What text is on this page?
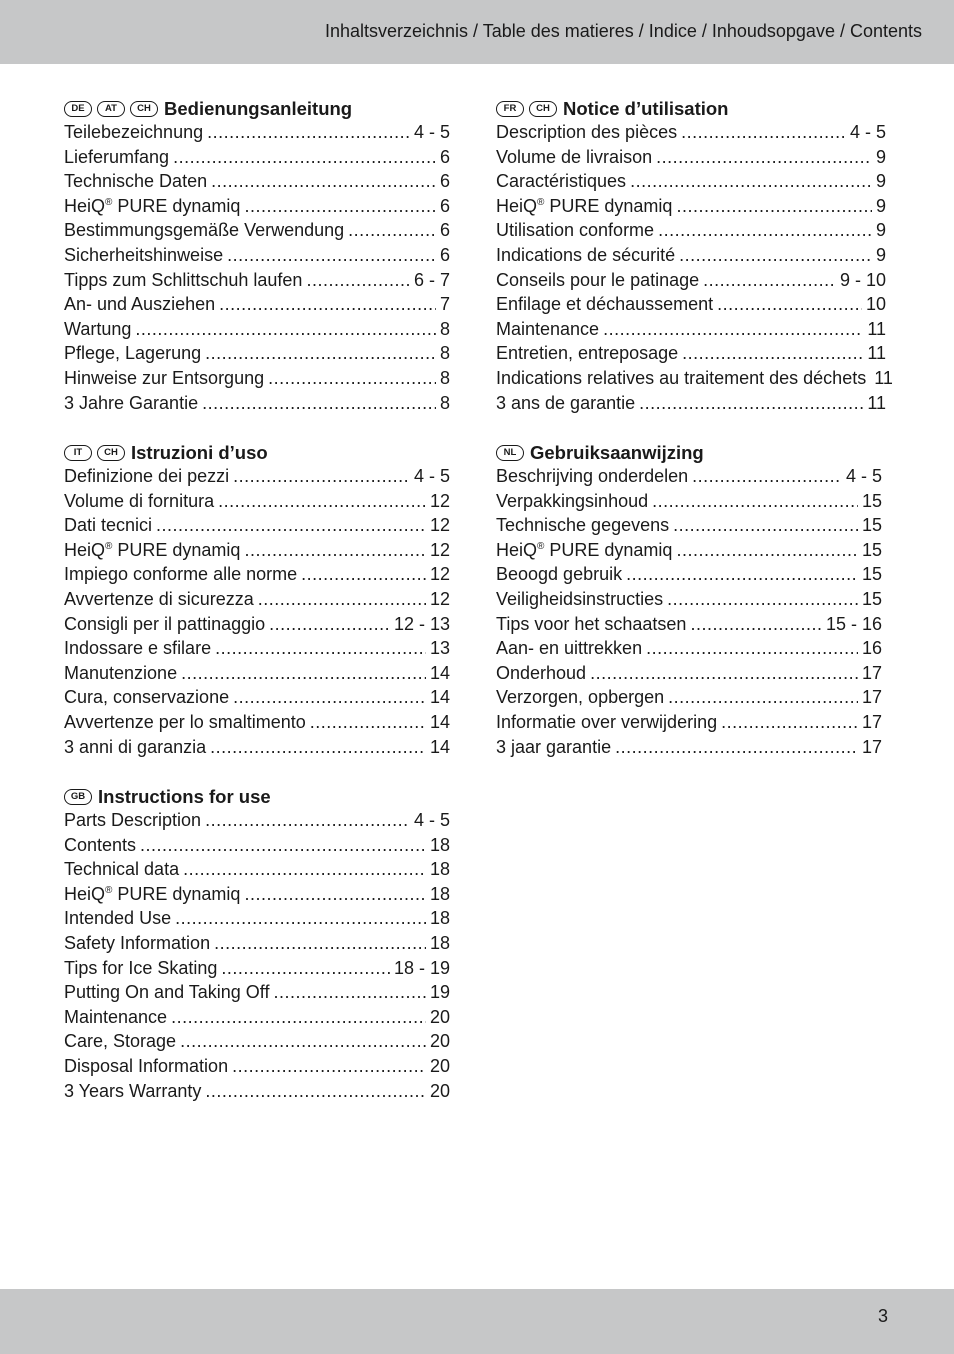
Inhaltsverzeichnis / Table des matieres / Indice / Inhoudsopgave / Contents
DE	AT	CH Bedienungsanleitung
Teilebezeichnung .....	4 - 5
Lieferumfang .....	6
Technische Daten .....	6
HeiQ® PURE dynamiq .....	6
Bestimmungsgemäße Verwendung .....	6
Sicherheitshinweise .....	6
Tipps zum Schlittschuh laufen .....	6 - 7
An- und Ausziehen .....	7
Wartung .....	8
Pflege, Lagerung .....	8
Hinweise zur Entsorgung .....	8
3 Jahre Garantie .....	8
IT	CH Istruzioni d’uso
Definizione dei pezzi .....	4 - 5
Volume di fornitura .....	12
Dati tecnici .....	12
HeiQ® PURE dynamiq .....	12
Impiego conforme alle norme .....	12
Avvertenze di sicurezza .....	12
Consigli per il pattinaggio .....	12 - 13
Indossare e sfilare .....	13
Manutenzione .....	14
Cura, conservazione .....	14
Avvertenze per lo smaltimento .....	14
3 anni di garanzia .....	14
GB Instructions for use
Parts Description .....	4 - 5
Contents .....	18
Technical data .....	18
HeiQ® PURE dynamiq .....	18
Intended Use .....	18
Safety Information .....	18
Tips for Ice Skating .....	18 - 19
Putting On and Taking Off .....	19
Maintenance .....	20
Care, Storage .....	20
Disposal Information .....	20
3 Years Warranty .....	20
FR	CH Notice d’utilisation
Description des pièces .....	4 - 5
Volume de livraison .....	9
Caractéristiques .....	9
HeiQ® PURE dynamiq .....	9
Utilisation conforme .....	9
Indications de sécurité .....	9
Conseils pour le patinage .....	9 - 10
Enfilage et déchaussement .....	10
Maintenance .....	11
Entretien, entreposage .....	11
Indications relatives au traitement des déchets 11
3 ans de garantie .....	11
NL Gebruiksaanwijzing
Beschrijving onderdelen .....	4 - 5
Verpakkingsinhoud .....	15
Technische gegevens .....	15
HeiQ® PURE dynamiq .....	15
Beoogd gebruik .....	15
Veiligheidsinstructies .....	15
Tips voor het schaatsen .....	15 - 16
Aan- en uittrekken .....	16
Onderhoud .....	17
Verzorgen, opbergen .....	17
Informatie over verwijdering .....	17
3 jaar garantie .....	17
3
